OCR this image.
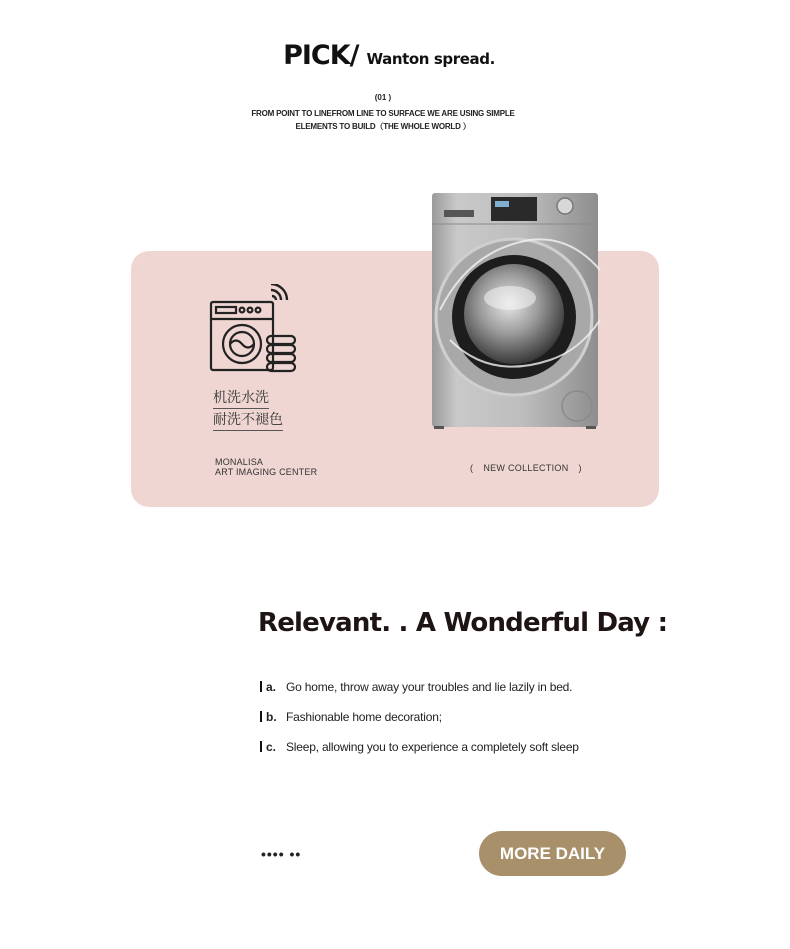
PICK/ Wanton spread.
(01 )
FROM POINT TO LINEFROM LINE TO SURFACE WE ARE USING SIMPLE
ELEMENTS TO BUILD（THE WHOLE WORLD ）
机洗水洗
耐洗不褪色
MONALISA
ART IMAGING CENTER	( NEW COLLECTION )
Relevant. . A Wonderful Day :
a. Go home, throw away your troubles and lie lazily in bed.
b. Fashionable home decoration;
c. Sleep, allowing you to experience a completely soft sleep
•••• ••	MORE DAILY
